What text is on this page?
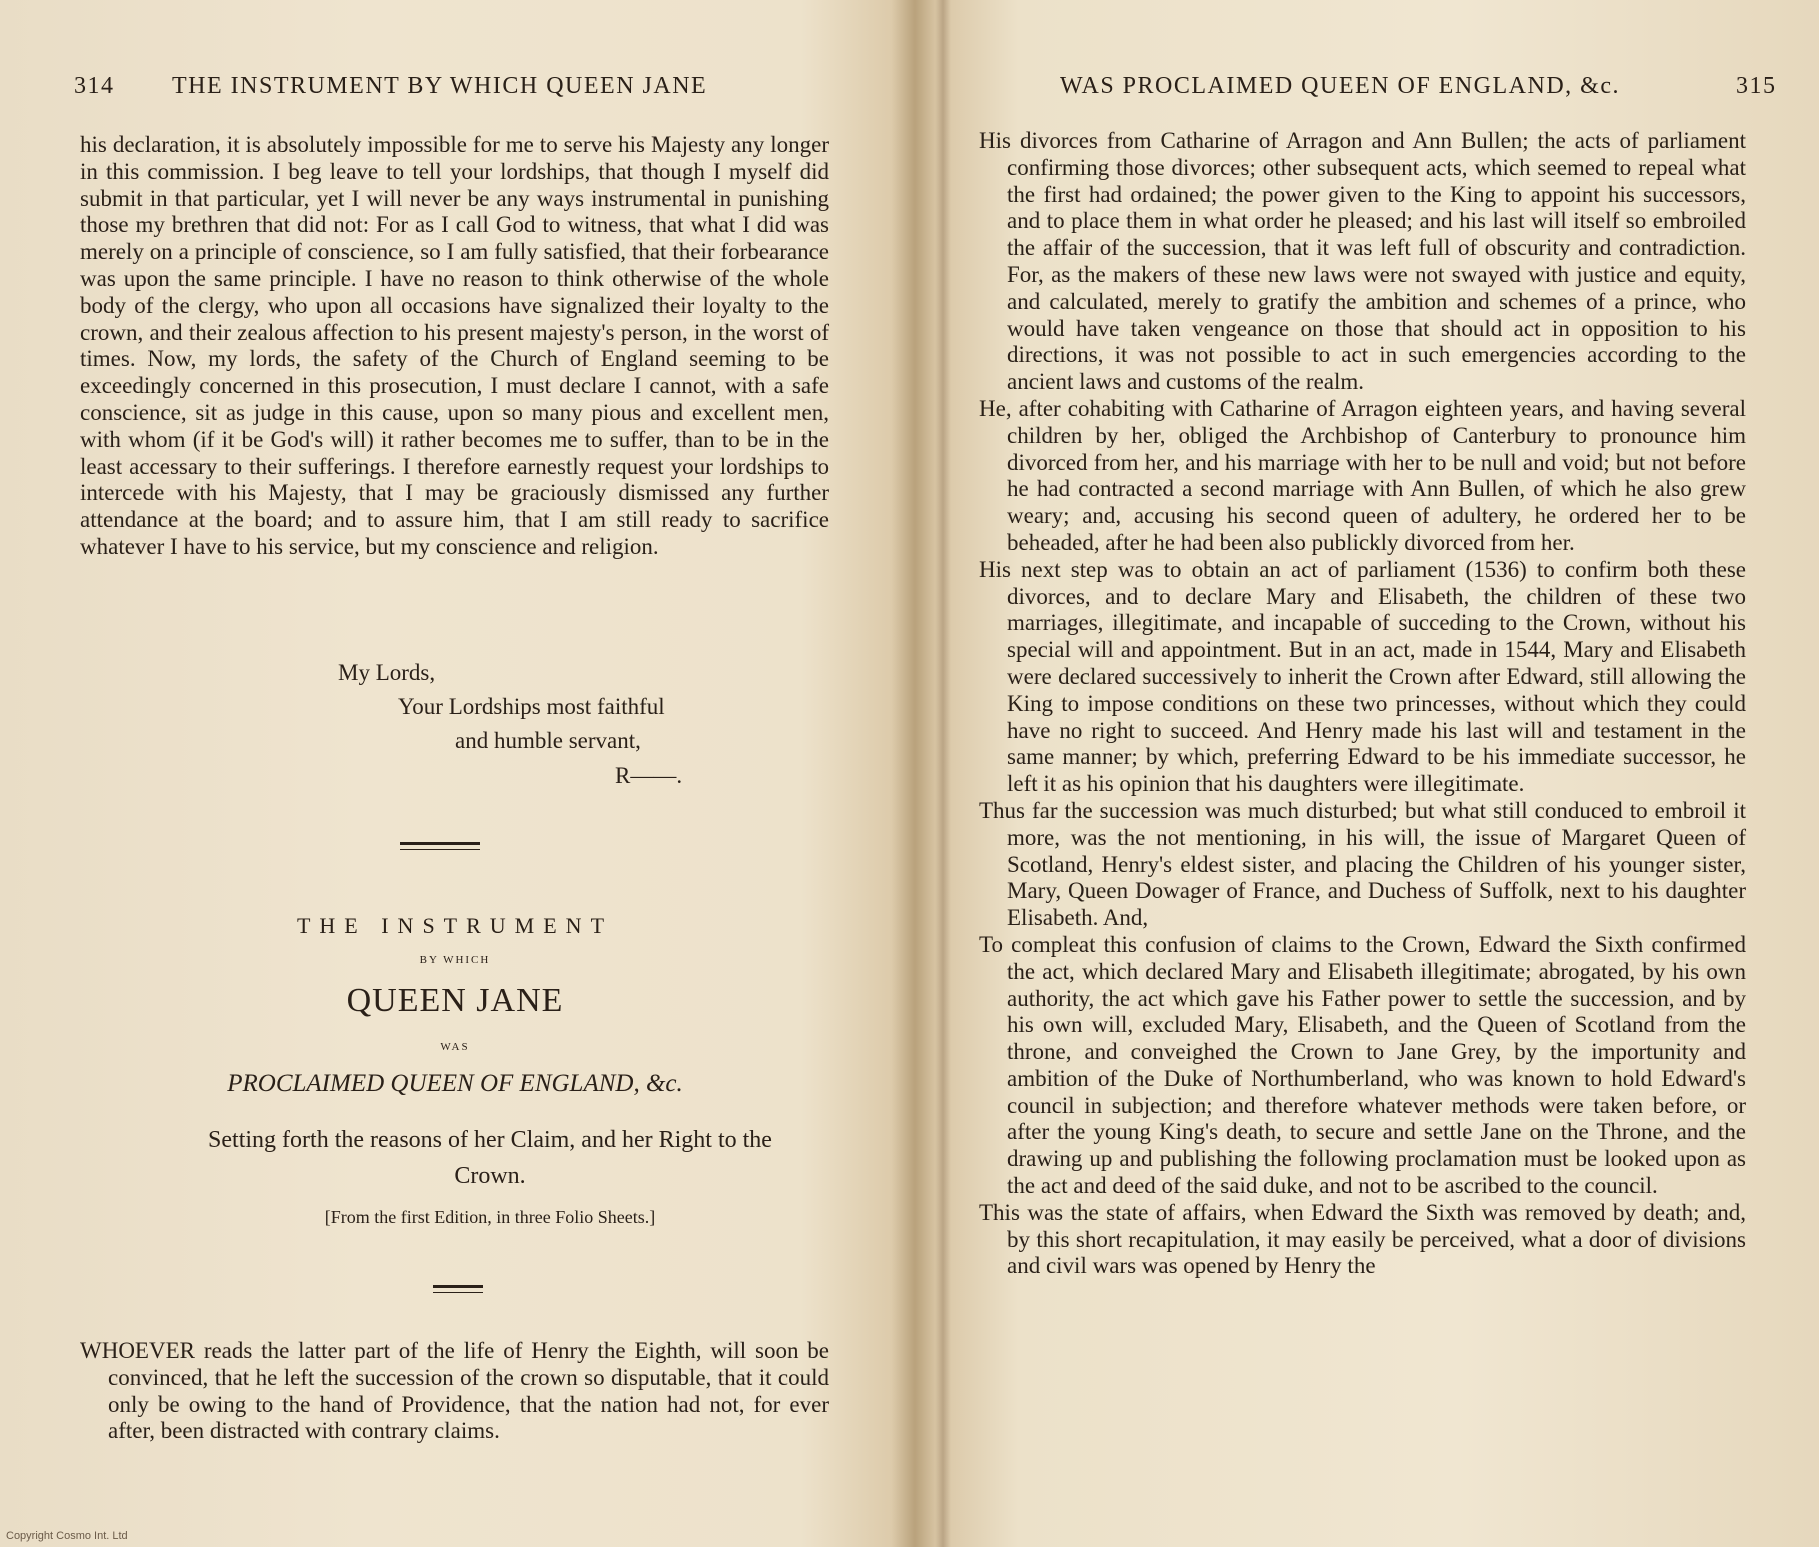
314 THE INSTRUMENT BY WHICH QUEEN JANE
his declaration, it is absolutely impossible for me to serve his Majesty any longer in this commission. I beg leave to tell your lordships, that though I myself did submit in that particular, yet I will never be any ways instrumental in punishing those my brethren that did not: For as I call God to witness, that what I did was merely on a principle of conscience, so I am fully satisfied, that their forbearance was upon the same principle. I have no reason to think otherwise of the whole body of the clergy, who upon all occasions have signalized their loyalty to the crown, and their zealous affection to his present majesty's person, in the worst of times. Now, my lords, the safety of the Church of England seeming to be exceedingly concerned in this prosecution, I must declare I cannot, with a safe conscience, sit as judge in this cause, upon so many pious and excellent men, with whom (if it be God's will) it rather becomes me to suffer, than to be in the least accessary to their sufferings. I therefore earnestly request your lordships to intercede with his Majesty, that I may be graciously dismissed any further attendance at the board; and to assure him, that I am still ready to sacrifice whatever I have to his service, but my conscience and religion.
My Lords,
Your Lordships most faithful
and humble servant,
R——.
THE INSTRUMENT
BY WHICH
QUEEN JANE
WAS
PROCLAIMED QUEEN OF ENGLAND, &c.
Setting forth the reasons of her Claim, and her Right to the Crown.
[From the first Edition, in three Folio Sheets.]

WHOEVER reads the latter part of the life of Henry the Eighth, will soon be convinced, that he left the succession of the crown so disputable, that it could only be owing to the hand of Providence, that the nation had not, for ever after, been distracted with contrary claims.

WAS PROCLAIMED QUEEN OF ENGLAND, &c.	315

His divorces from Catharine of Arragon and Ann Bullen; the acts of parliament confirming those divorces; other subsequent acts, which seemed to repeal what the first had ordained; the power given to the King to appoint his successors, and to place them in what order he pleased; and his last will itself so embroiled the affair of the succession, that it was left full of obscurity and contradiction. For, as the makers of these new laws were not swayed with justice and equity, and calculated, merely to gratify the ambition and schemes of a prince, who would have taken vengeance on those that should act in opposition to his directions, it was not possible to act in such emergencies according to the ancient laws and customs of the realm.

He, after cohabiting with Catharine of Arragon eighteen years, and having several children by her, obliged the Archbishop of Canterbury to pronounce him divorced from her, and his marriage with her to be null and void; but not before he had contracted a second marriage with Ann Bullen, of which he also grew weary; and, accusing his second queen of adultery, he ordered her to be beheaded, after he had been also publickly divorced from her.

His next step was to obtain an act of parliament (1536) to confirm both these divorces, and to declare Mary and Elisabeth, the children of these two marriages, illegitimate, and incapable of succeding to the Crown, without his special will and appointment. But in an act, made in 1544, Mary and Elisabeth were declared successively to inherit the Crown after Edward, still allowing the King to impose conditions on these two princesses, without which they could have no right to succeed. And Henry made his last will and testament in the same manner; by which, preferring Edward to be his immediate successor, he left it as his opinion that his daughters were illegitimate.

Thus far the succession was much disturbed; but what still conduced to embroil it more, was the not mentioning, in his will, the issue of Margaret Queen of Scotland, Henry's eldest sister, and placing the Children of his younger sister, Mary, Queen Dowager of France, and Duchess of Suffolk, next to his daughter Elisabeth. And,

To compleat this confusion of claims to the Crown, Edward the Sixth confirmed the act, which declared Mary and Elisabeth illegitimate; abrogated, by his own authority, the act which gave his Father power to settle the succession, and by his own will, excluded Mary, Elisabeth, and the Queen of Scotland from the throne, and conveighed the Crown to Jane Grey, by the importunity and ambition of the Duke of Northumberland, who was known to hold Edward's council in subjection; and therefore whatever methods were taken before, or after the young King's death, to secure and settle Jane on the Throne, and the drawing up and publishing the following proclamation must be looked upon as the act and deed of the said duke, and not to be ascribed to the council.

This was the state of affairs, when Edward the Sixth was removed by death; and, by this short recapitulation, it may easily be perceived, what a door of divisions and civil wars was opened by Henry the

Copyright Cosmo Int. Ltd
